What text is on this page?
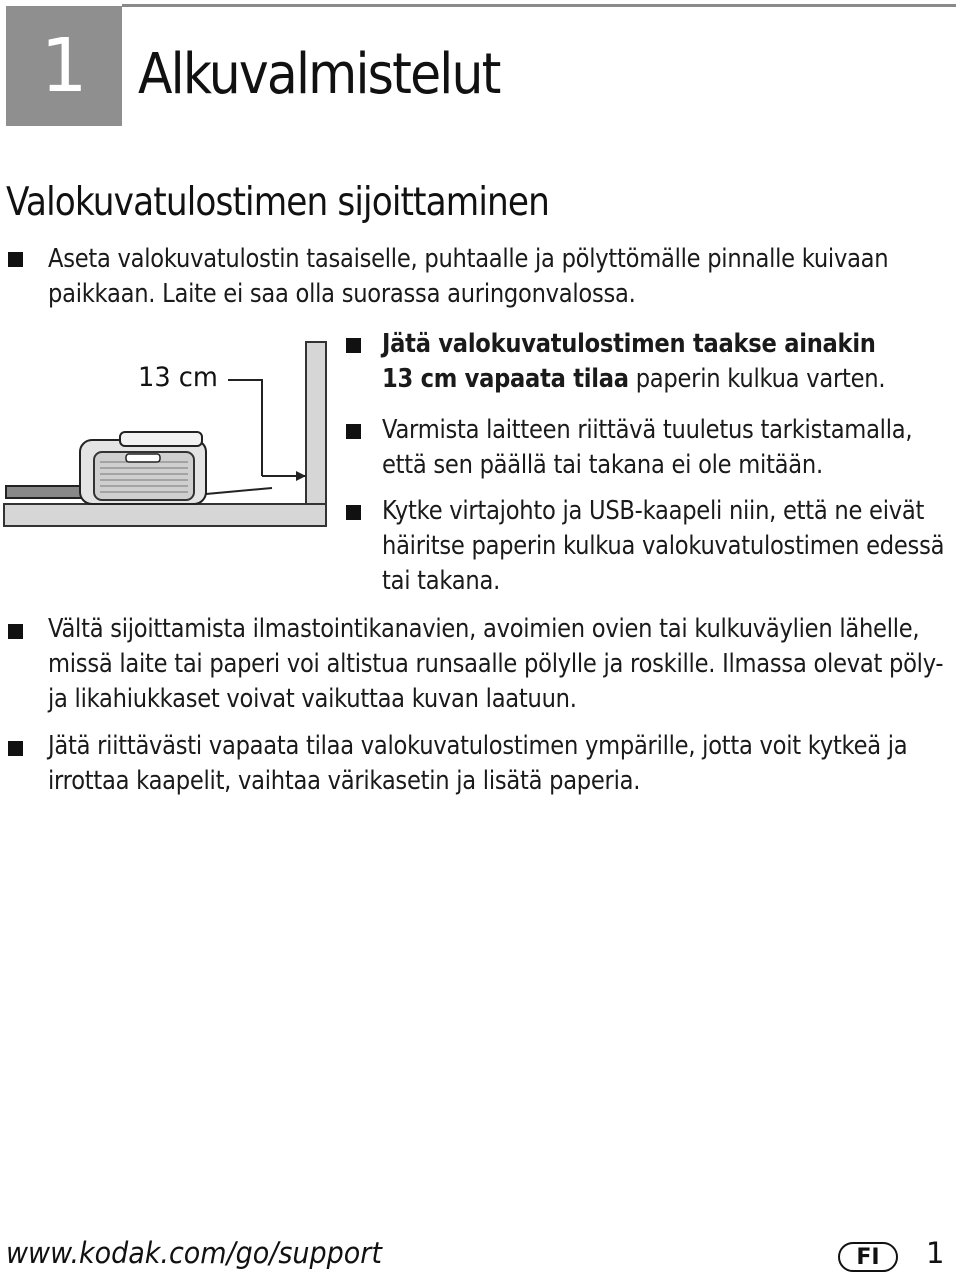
1 Alkuvalmistelut
Valokuvatulostimen sijoittaminen
Aseta valokuvatulostin tasaiselle, puhtaalle ja pölyttömälle pinnalle kuivaan
paikkaan. Laite ei saa olla suorassa auringonvalossa.
13 cm
Jätä valokuvatulostimen taakse ainakin
13 cm vapaata tilaa paperin kulkua varten.
Varmista laitteen riittävä tuuletus tarkistamalla,
että sen päällä tai takana ei ole mitään.
Kytke virtajohto ja USB-kaapeli niin, että ne eivät
häiritse paperin kulkua valokuvatulostimen edessä
tai takana.
Vältä sijoittamista ilmastointikanavien, avoimien ovien tai kulkuväylien lähelle,
missä laite tai paperi voi altistua runsaalle pölylle ja roskille. Ilmassa olevat pöly-
ja likahiukkaset voivat vaikuttaa kuvan laatuun.
Jätä riittävästi vapaata tilaa valokuvatulostimen ympärille, jotta voit kytkeä ja
irrottaa kaapelit, vaihtaa värikasetin ja lisätä paperia.
www.kodak.com/go/support	FI	1
